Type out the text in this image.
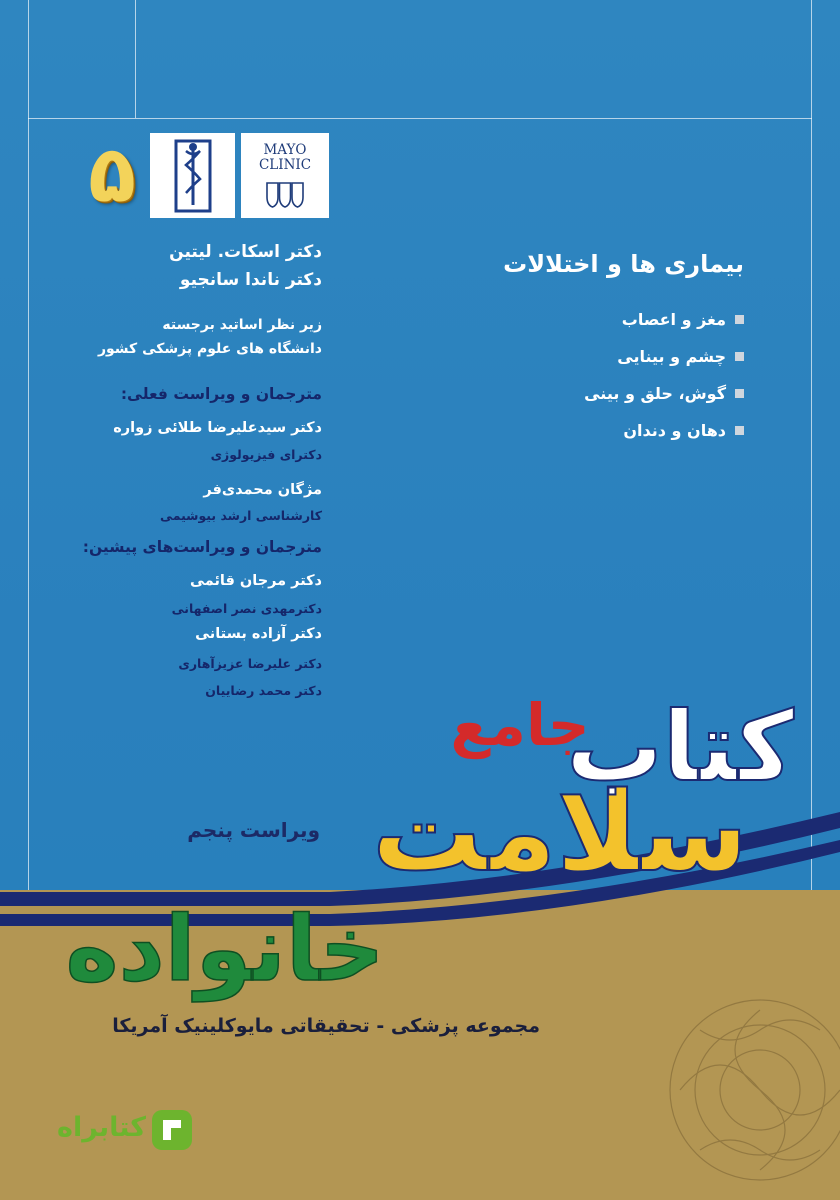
۵	MAYO
CLINIC
بیماری ها و اختلالات
مغز و اعصاب
چشم و بینایی
گوش، حلق و بینی
دهان و دندان
دکتر اسکات. لیتین
دکتر ناندا سانجیو
زیر نظر اساتید برجسته
دانشگاه های علوم پزشکی کشور
مترجمان و ویراست فعلی:
دکتر سیدعلیرضا طلائی زواره
دکترای فیزیولوژی
مژگان محمدی‌فر
کارشناسی ارشد بیوشیمی
مترجمان و ویراست‌های پیشین:
دکتر مرجان قائمی
دکترمهدی نصر اصفهانی
دکتر آزاده بستانی
دکتر علیرضا عزیزآهاری
دکتر محمد رضاییان
ویراست پنجم
جامع
سلامت
کتاب
خانواده
مجموعه پزشکی - تحقیقاتی مایوکلینیک آمریکا
کتابراه
